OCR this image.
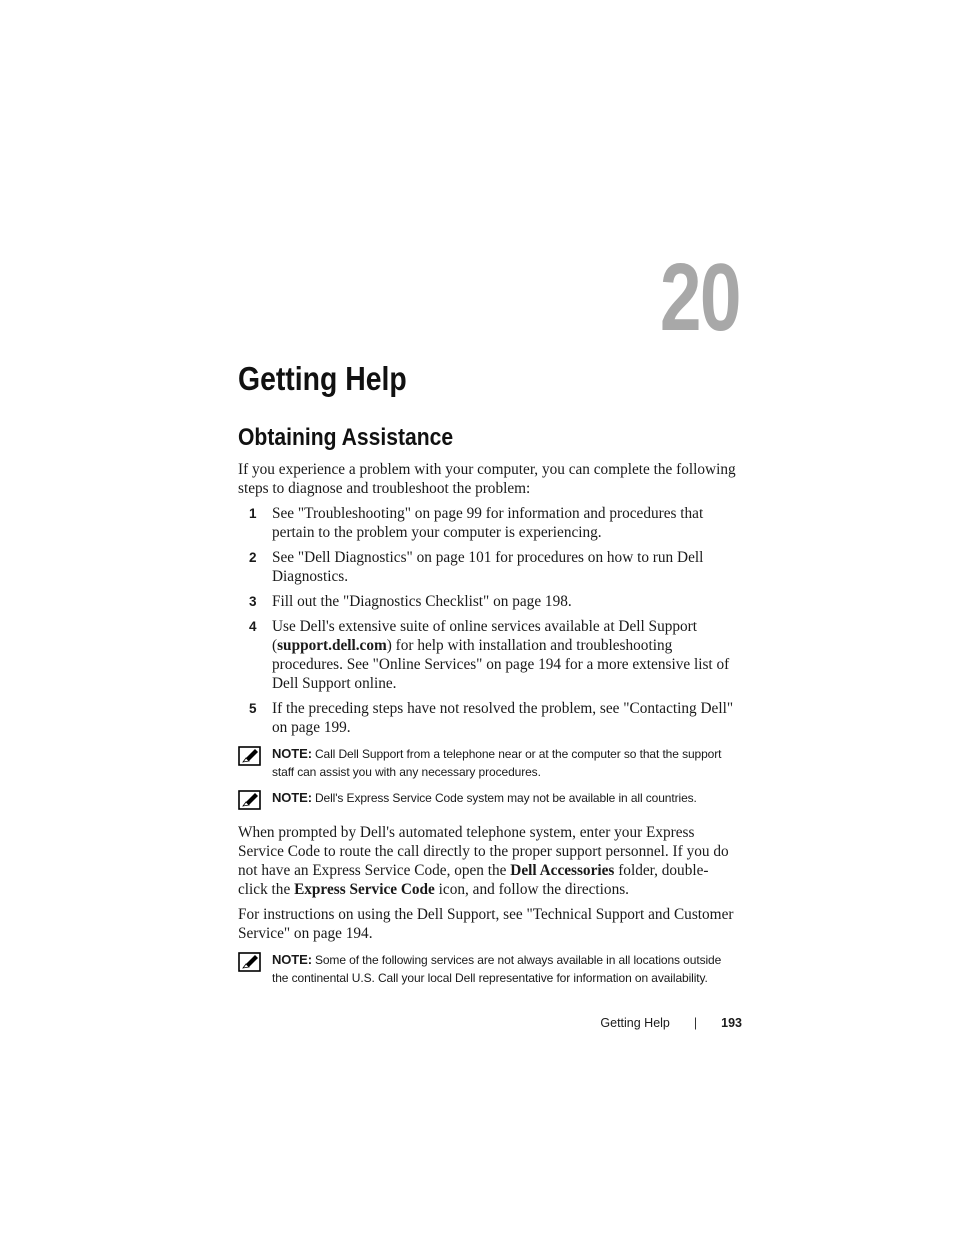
20
Getting Help
Obtaining Assistance

If you experience a problem with your computer, you can complete the following steps to diagnose and troubleshoot the problem:

1	See "Troubleshooting" on page 99 for information and procedures that pertain to the problem your computer is experiencing.
2	See "Dell Diagnostics" on page 101 for procedures on how to run Dell Diagnostics.
3	Fill out the "Diagnostics Checklist" on page 198.
4	Use Dell's extensive suite of online services available at Dell Support (support.dell.com) for help with installation and troubleshooting procedures. See "Online Services" on page 194 for a more extensive list of Dell Support online.
5	If the preceding steps have not resolved the problem, see "Contacting Dell" on page 199.
NOTE: Call Dell Support from a telephone near or at the computer so that the support staff can assist you with any necessary procedures.
NOTE: Dell's Express Service Code system may not be available in all countries.

When prompted by Dell's automated telephone system, enter your Express Service Code to route the call directly to the proper support personnel. If you do not have an Express Service Code, open the Dell Accessories folder, double-click the Express Service Code icon, and follow the directions.

For instructions on using the Dell Support, see "Technical Support and Customer Service" on page 194.

NOTE: Some of the following services are not always available in all locations outside the continental U.S. Call your local Dell representative for information on availability.
Getting Help | 193
